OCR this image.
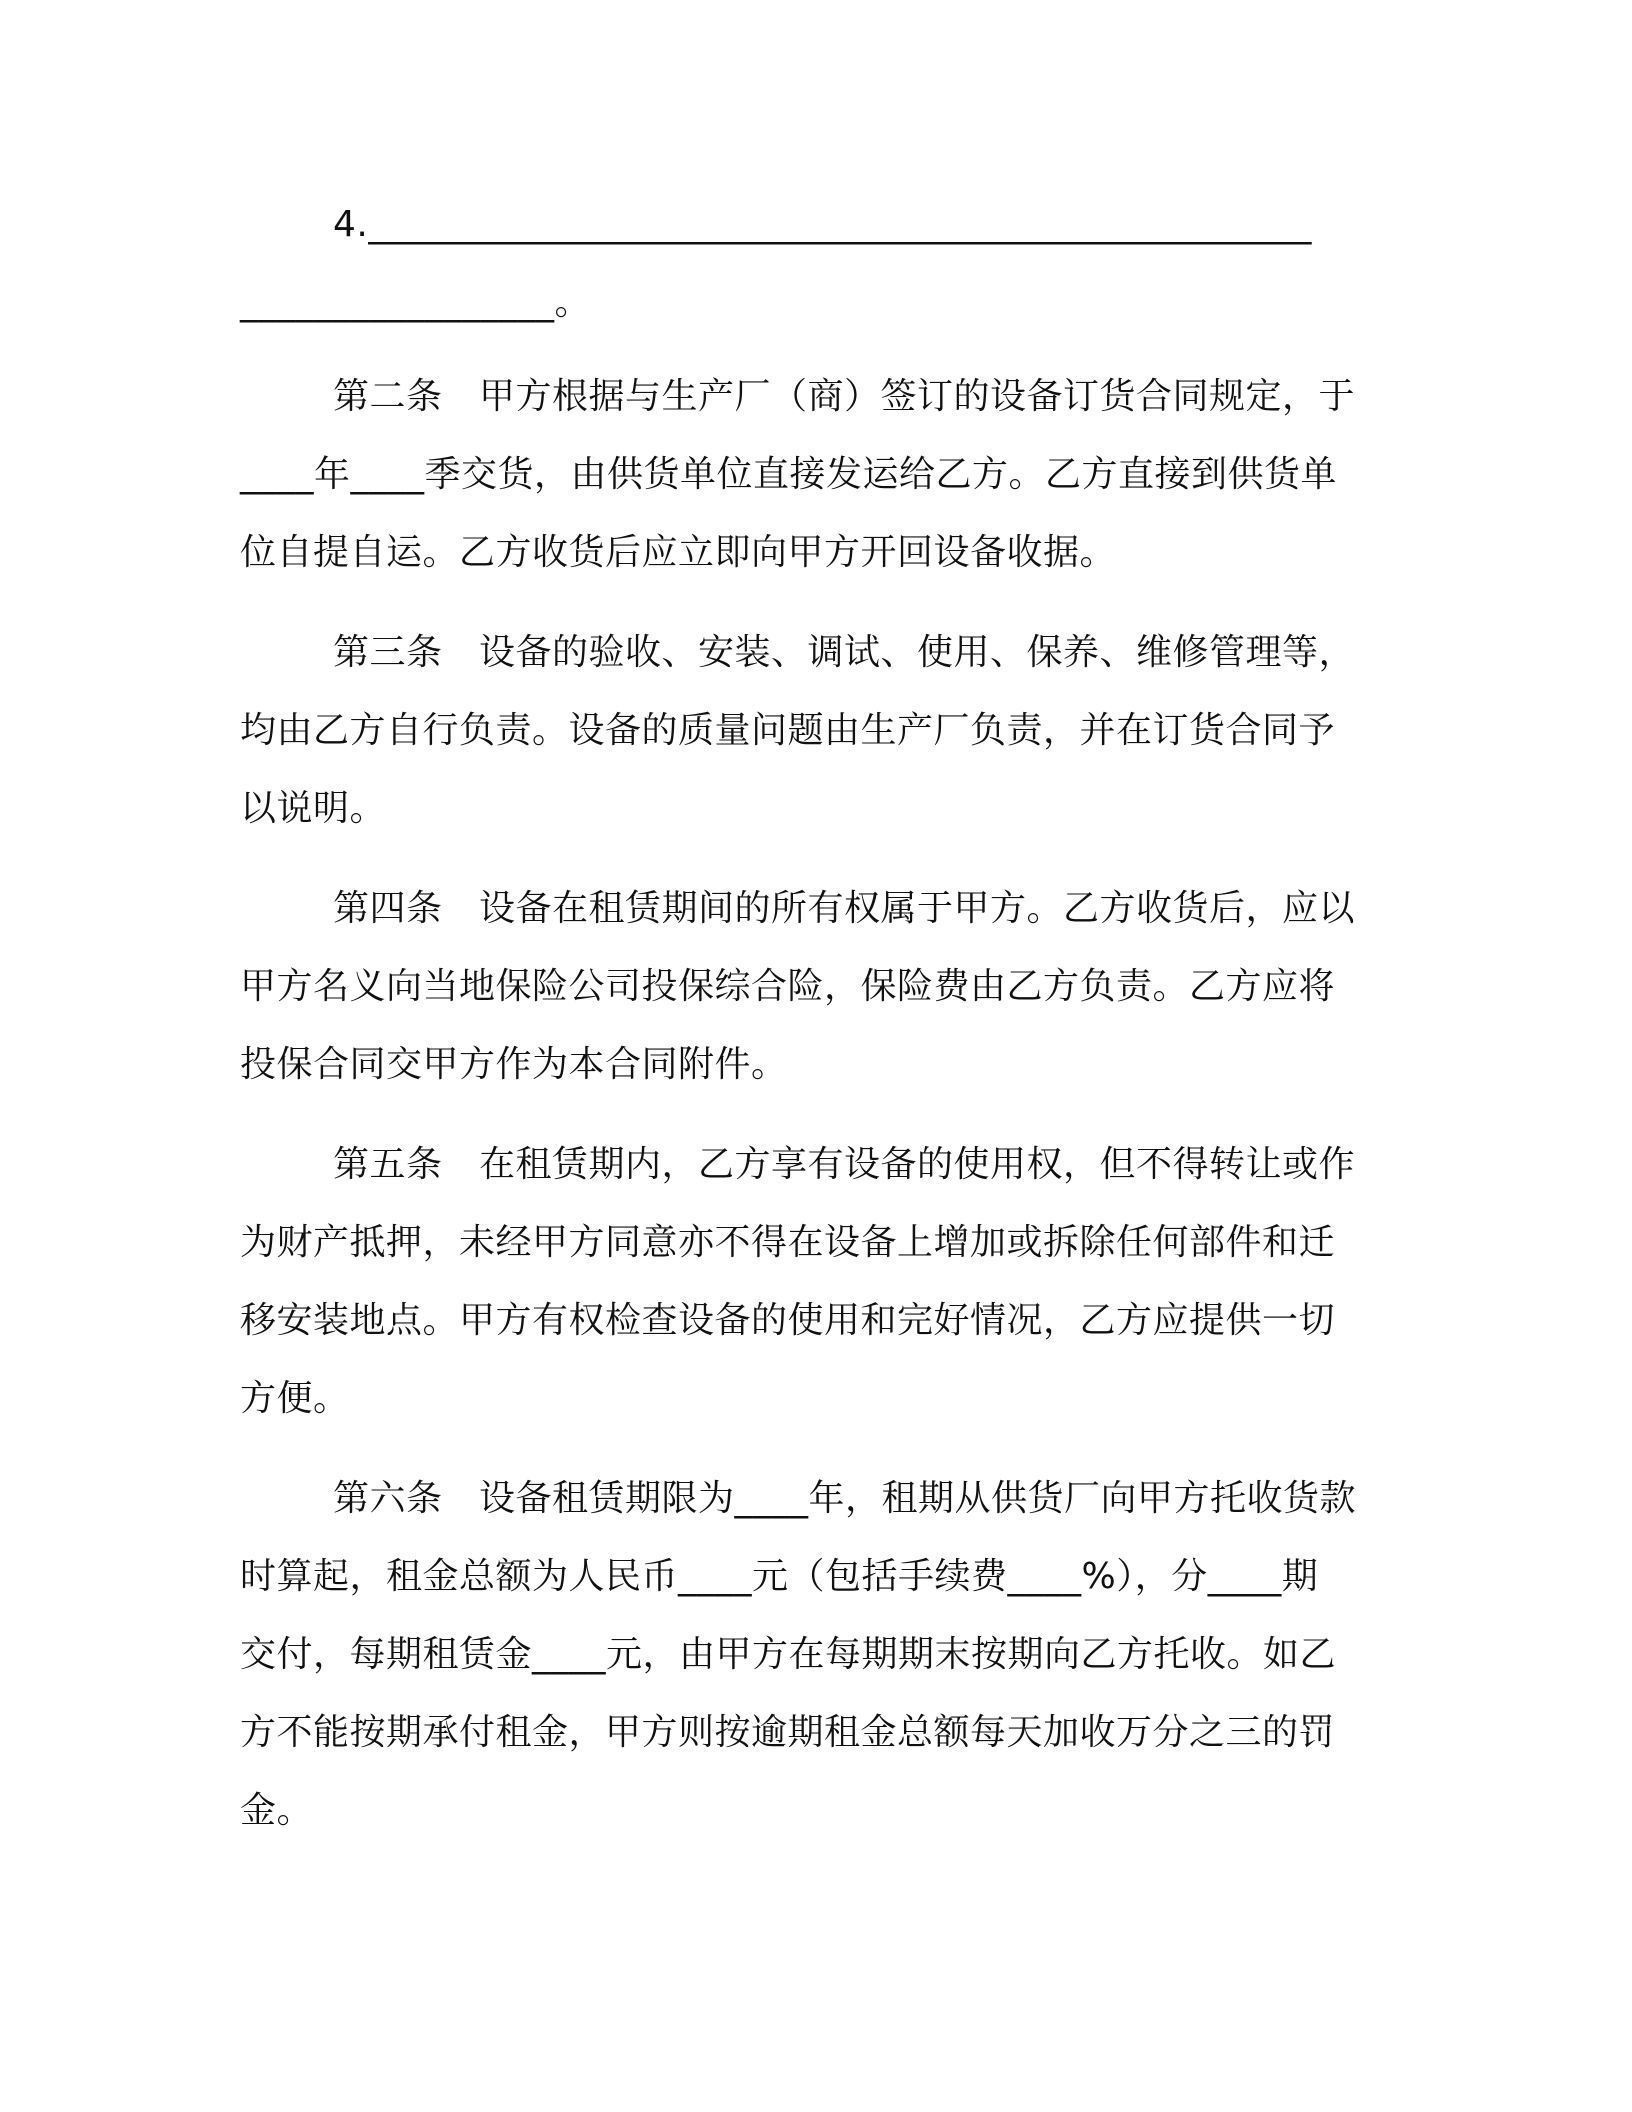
4.___________________________________________________
_________________。
第二条　甲方根据与生产厂（商）签订的设备订货合同规定，于
____年____季交货，由供货单位直接发运给乙方。乙方直接到供货单
位自提自运。乙方收货后应立即向甲方开回设备收据。
第三条　设备的验收、安装、调试、使用、保养、维修管理等，
均由乙方自行负责。设备的质量问题由生产厂负责，并在订货合同予
以说明。
第四条　设备在租赁期间的所有权属于甲方。乙方收货后，应以
甲方名义向当地保险公司投保综合险，保险费由乙方负责。乙方应将
投保合同交甲方作为本合同附件。
第五条　在租赁期内，乙方享有设备的使用权，但不得转让或作
为财产抵押，未经甲方同意亦不得在设备上增加或拆除任何部件和迁
移安装地点。甲方有权检查设备的使用和完好情况，乙方应提供一切
方便。
第六条　设备租赁期限为____年，租期从供货厂向甲方托收货款
时算起，租金总额为人民币____元（包括手续费____%），分____期
交付，每期租赁金____元，由甲方在每期期末按期向乙方托收。如乙
方不能按期承付租金，甲方则按逾期租金总额每天加收万分之三的罚
金。
